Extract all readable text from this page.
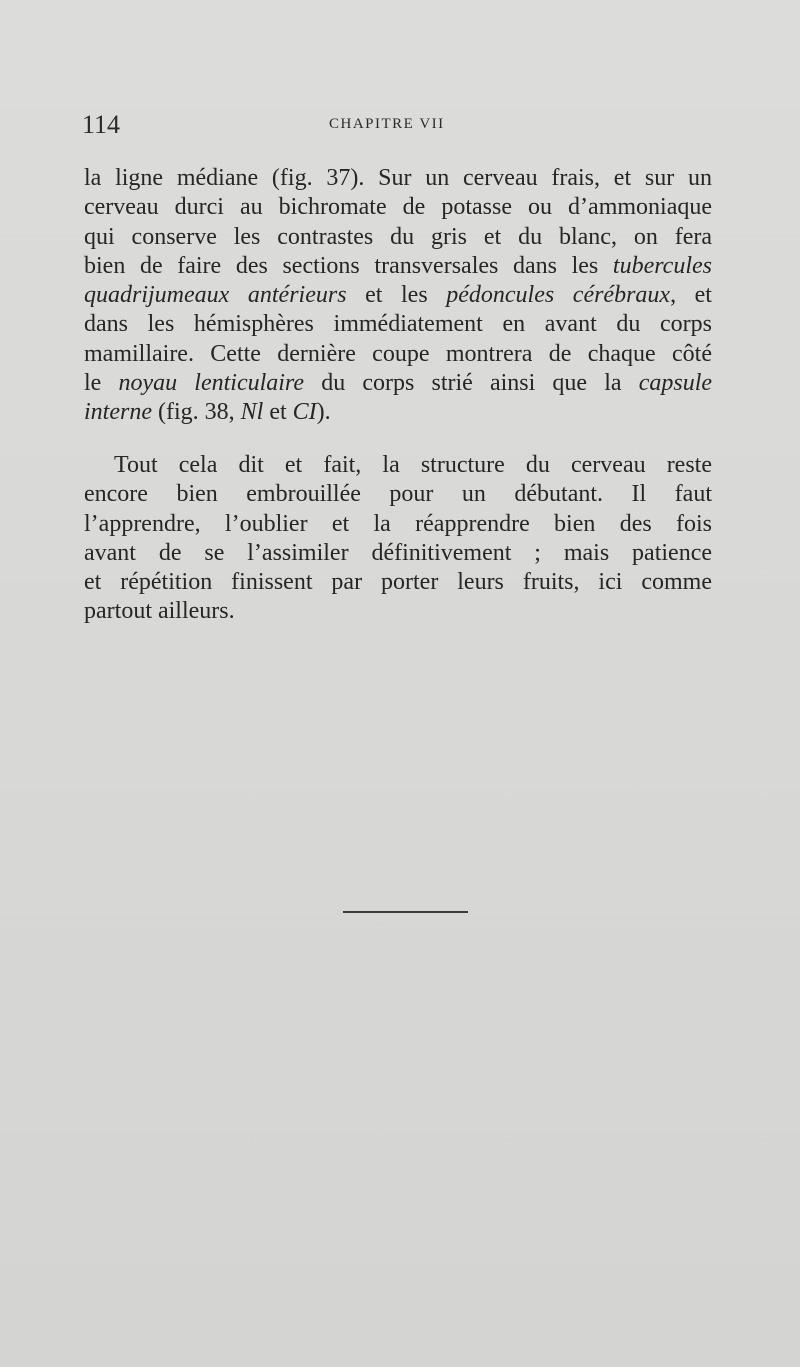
114	CHAPITRE VII

la ligne médiane (fig. 37). Sur un cerveau frais, et sur un
cerveau durci au bichromate de potasse ou d’ammoniaque
qui conserve les contrastes du gris et du blanc, on fera
bien de faire des sections transversales dans les tubercules
quadrijumeaux antérieurs et les pédoncules cérébraux, et
dans les hémisphères immédiatement en avant du corps
mamillaire. Cette dernière coupe montrera de chaque côté
le noyau lenticulaire du corps strié ainsi que la capsule
interne (fig. 38, Nl et CI).
Tout cela dit et fait, la structure du cerveau reste
encore bien embrouillée pour un débutant. Il faut
l’apprendre, l’oublier et la réapprendre bien des fois
avant de se l’assimiler définitivement ; mais patience
et répétition finissent par porter leurs fruits, ici comme
partout ailleurs.
